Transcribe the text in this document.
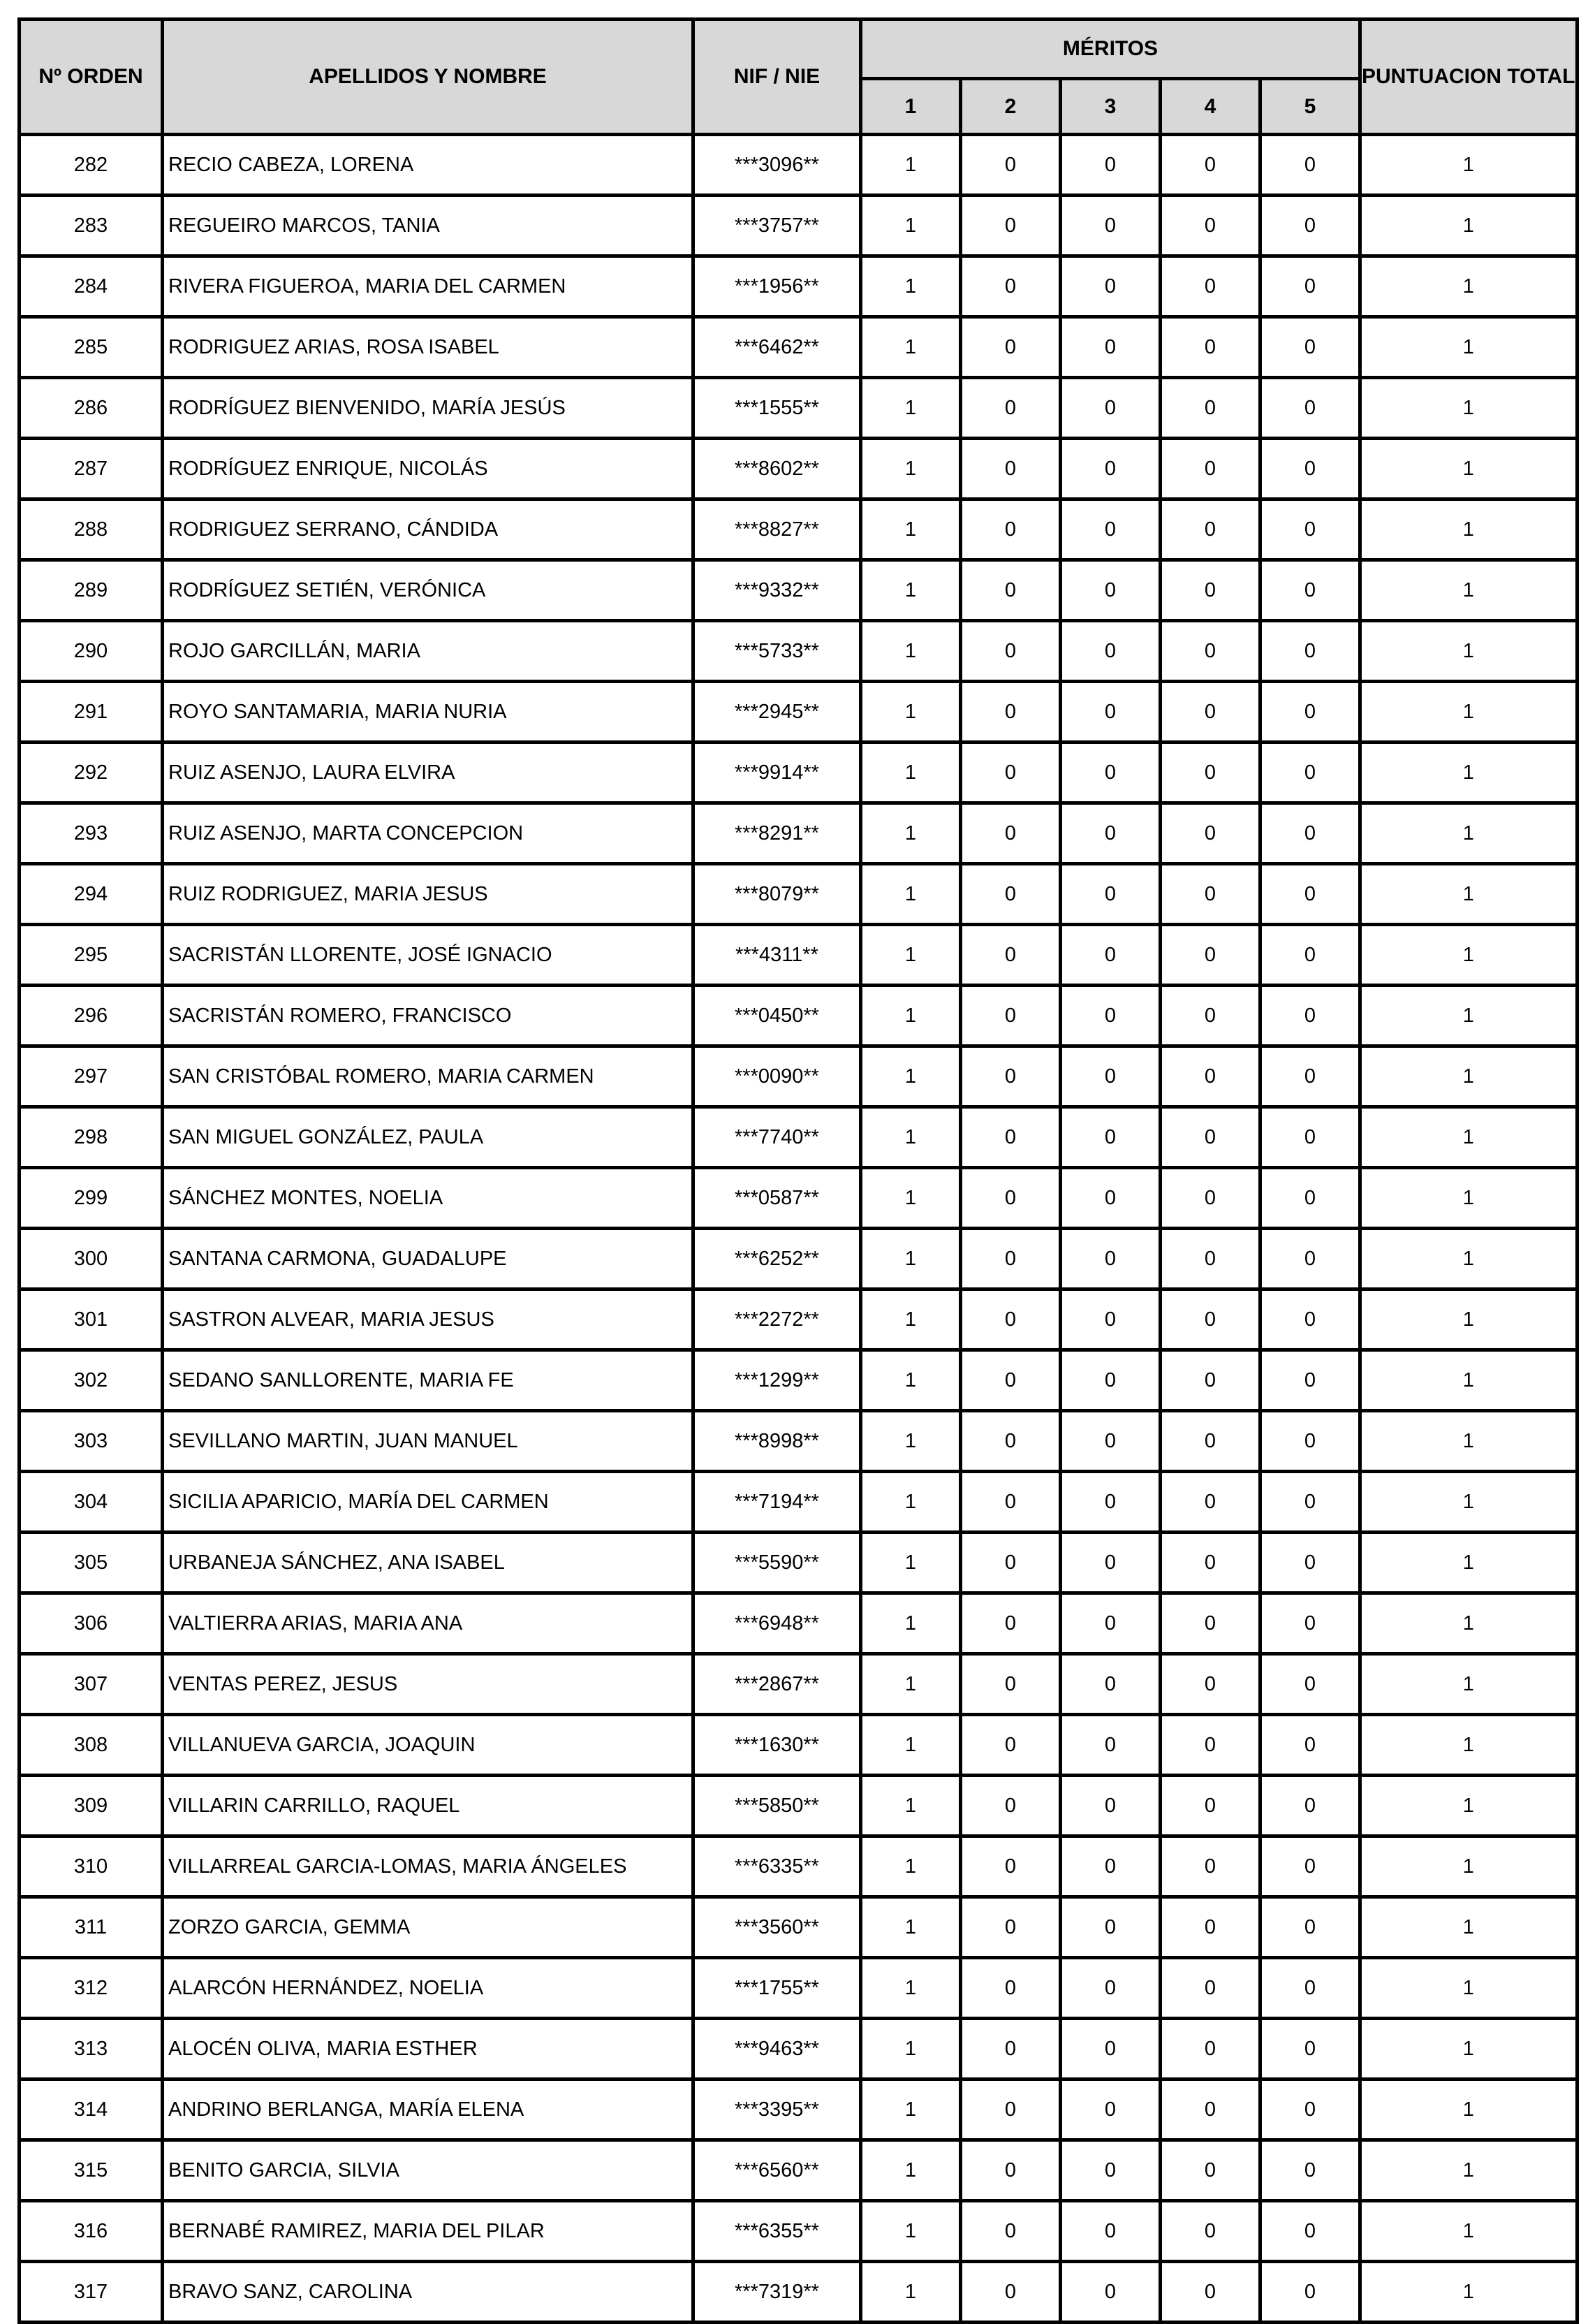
Nº ORDEN	APELLIDOS Y NOMBRE	NIF / NIE	MÉRITOS					PUNTUACION TOTAL
			1	2	3	4	5	
282	RECIO CABEZA, LORENA	***3096**	1	0	0	0	0	1
283	REGUEIRO MARCOS, TANIA	***3757**	1	0	0	0	0	1
284	RIVERA FIGUEROA, MARIA DEL CARMEN	***1956**	1	0	0	0	0	1
285	RODRIGUEZ ARIAS, ROSA ISABEL	***6462**	1	0	0	0	0	1
286	RODRÍGUEZ BIENVENIDO, MARÍA JESÚS	***1555**	1	0	0	0	0	1
287	RODRÍGUEZ ENRIQUE, NICOLÁS	***8602**	1	0	0	0	0	1
288	RODRIGUEZ SERRANO, CÁNDIDA	***8827**	1	0	0	0	0	1
289	RODRÍGUEZ SETIÉN, VERÓNICA	***9332**	1	0	0	0	0	1
290	ROJO GARCILLÁN, MARIA	***5733**	1	0	0	0	0	1
291	ROYO SANTAMARIA, MARIA NURIA	***2945**	1	0	0	0	0	1
292	RUIZ ASENJO, LAURA ELVIRA	***9914**	1	0	0	0	0	1
293	RUIZ ASENJO, MARTA CONCEPCION	***8291**	1	0	0	0	0	1
294	RUIZ RODRIGUEZ, MARIA JESUS	***8079**	1	0	0	0	0	1
295	SACRISTÁN LLORENTE, JOSÉ IGNACIO	***4311**	1	0	0	0	0	1
296	SACRISTÁN ROMERO, FRANCISCO	***0450**	1	0	0	0	0	1
297	SAN CRISTÓBAL ROMERO, MARIA CARMEN	***0090**	1	0	0	0	0	1
298	SAN MIGUEL GONZÁLEZ, PAULA	***7740**	1	0	0	0	0	1
299	SÁNCHEZ MONTES, NOELIA	***0587**	1	0	0	0	0	1
300	SANTANA CARMONA, GUADALUPE	***6252**	1	0	0	0	0	1
301	SASTRON ALVEAR, MARIA JESUS	***2272**	1	0	0	0	0	1
302	SEDANO SANLLORENTE, MARIA FE	***1299**	1	0	0	0	0	1
303	SEVILLANO MARTIN, JUAN MANUEL	***8998**	1	0	0	0	0	1
304	SICILIA APARICIO, MARÍA DEL CARMEN	***7194**	1	0	0	0	0	1
305	URBANEJA SÁNCHEZ, ANA ISABEL	***5590**	1	0	0	0	0	1
306	VALTIERRA ARIAS, MARIA ANA	***6948**	1	0	0	0	0	1
307	VENTAS PEREZ, JESUS	***2867**	1	0	0	0	0	1
308	VILLANUEVA GARCIA, JOAQUIN	***1630**	1	0	0	0	0	1
309	VILLARIN CARRILLO, RAQUEL	***5850**	1	0	0	0	0	1
310	VILLARREAL GARCIA-LOMAS, MARIA ÁNGELES	***6335**	1	0	0	0	0	1
311	ZORZO GARCIA, GEMMA	***3560**	1	0	0	0	0	1
312	ALARCÓN HERNÁNDEZ, NOELIA	***1755**	1	0	0	0	0	1
313	ALOCÉN OLIVA, MARIA ESTHER	***9463**	1	0	0	0	0	1
314	ANDRINO BERLANGA, MARÍA ELENA	***3395**	1	0	0	0	0	1
315	BENITO GARCIA, SILVIA	***6560**	1	0	0	0	0	1
316	BERNABÉ RAMIREZ, MARIA DEL PILAR	***6355**	1	0	0	0	0	1
317	BRAVO SANZ, CAROLINA	***7319**	1	0	0	0	0	1
